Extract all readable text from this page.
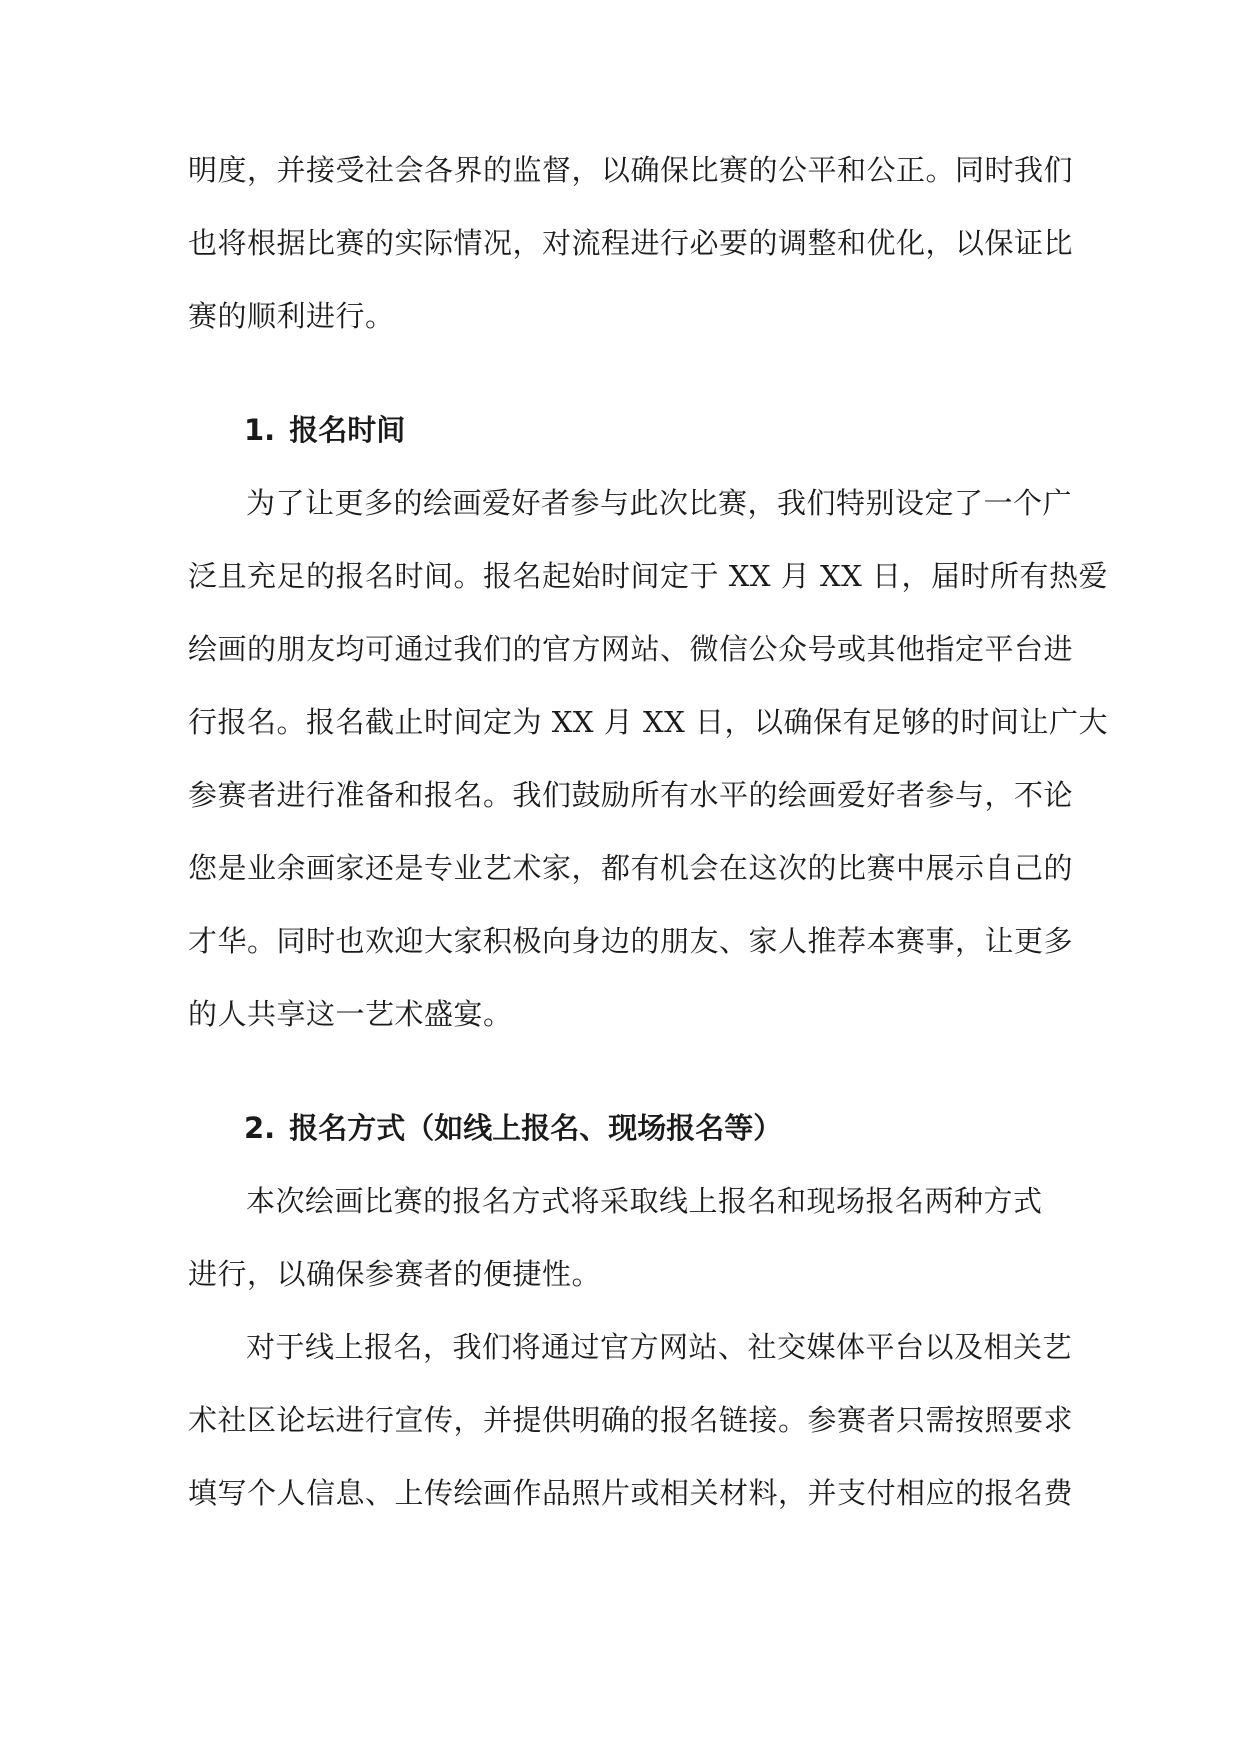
明度，并接受社会各界的监督，以确保比赛的公平和公正。同时我们
也将根据比赛的实际情况，对流程进行必要的调整和优化，以保证比
赛的顺利进行。
1. 报名时间
为了让更多的绘画爱好者参与此次比赛，我们特别设定了一个广
泛且充足的报名时间。报名起始时间定于 XX 月 XX 日，届时所有热爱
绘画的朋友均可通过我们的官方网站、微信公众号或其他指定平台进
行报名。报名截止时间定为 XX 月 XX 日，以确保有足够的时间让广大
参赛者进行准备和报名。我们鼓励所有水平的绘画爱好者参与，不论
您是业余画家还是专业艺术家，都有机会在这次的比赛中展示自己的
才华。同时也欢迎大家积极向身边的朋友、家人推荐本赛事，让更多
的人共享这一艺术盛宴。
2. 报名方式（如线上报名、现场报名等）
本次绘画比赛的报名方式将采取线上报名和现场报名两种方式
进行，以确保参赛者的便捷性。
对于线上报名，我们将通过官方网站、社交媒体平台以及相关艺
术社区论坛进行宣传，并提供明确的报名链接。参赛者只需按照要求
填写个人信息、上传绘画作品照片或相关材料，并支付相应的报名费
